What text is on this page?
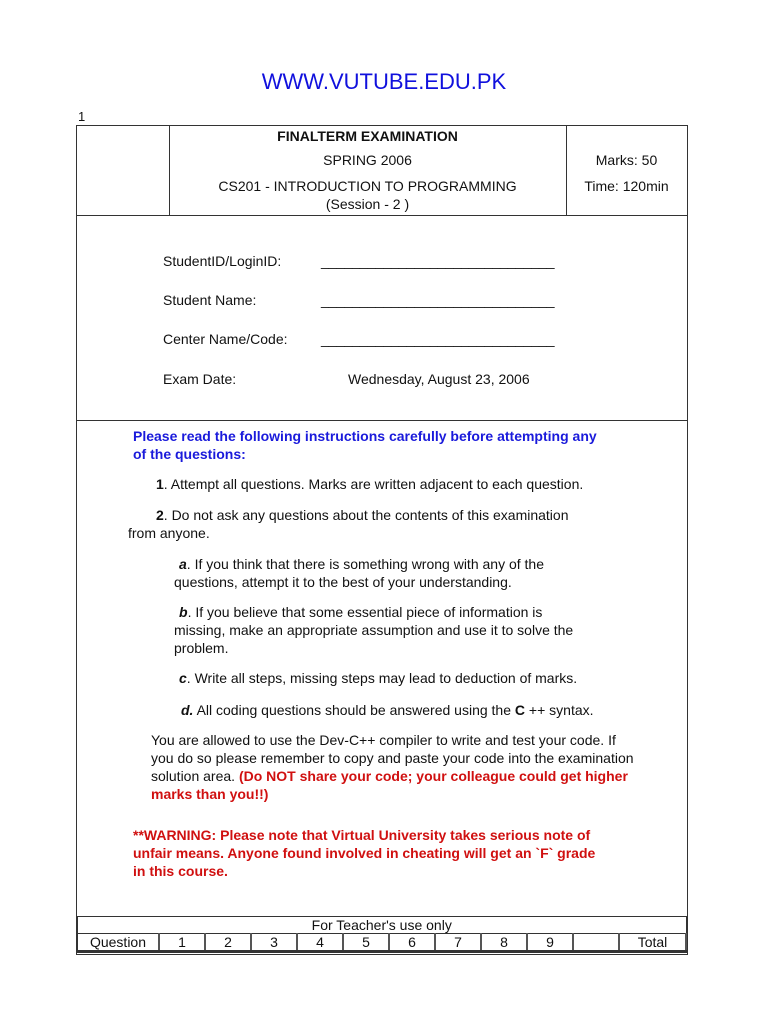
WWW.VUTUBE.EDU.PK
1
FINALTERM EXAMINATION
SPRING 2006
CS201 - INTRODUCTION TO PROGRAMMING
(Session - 2 )
Marks: 50
Time: 120min
StudentID/LoginID:	______________________________
Student Name:	______________________________
Center Name/Code: ______________________________
Exam Date:	Wednesday, August 23, 2006
Please read the following instructions carefully before attempting any
of the questions:
1. Attempt all questions. Marks are written adjacent to each question.
2. Do not ask any questions about the contents of this examination
from anyone.
a. If you think that there is something wrong with any of the
questions, attempt it to the best of your understanding.
b. If you believe that some essential piece of information is
missing, make an appropriate assumption and use it to solve the
problem.
c. Write all steps, missing steps may lead to deduction of marks.
d. All coding questions should be answered using the C ++ syntax.
You are allowed to use the Dev-C++ compiler to write and test your code. If
you do so please remember to copy and paste your code into the examination
solution area. (Do NOT share your code; your colleague could get higher
marks than you!!)
**WARNING: Please note that Virtual University takes serious note of
unfair means. Anyone found involved in cheating will get an `F` grade
in this course.
For Teacher's use only
Question	1	2	3	4	5	6	7	8	9		Total
